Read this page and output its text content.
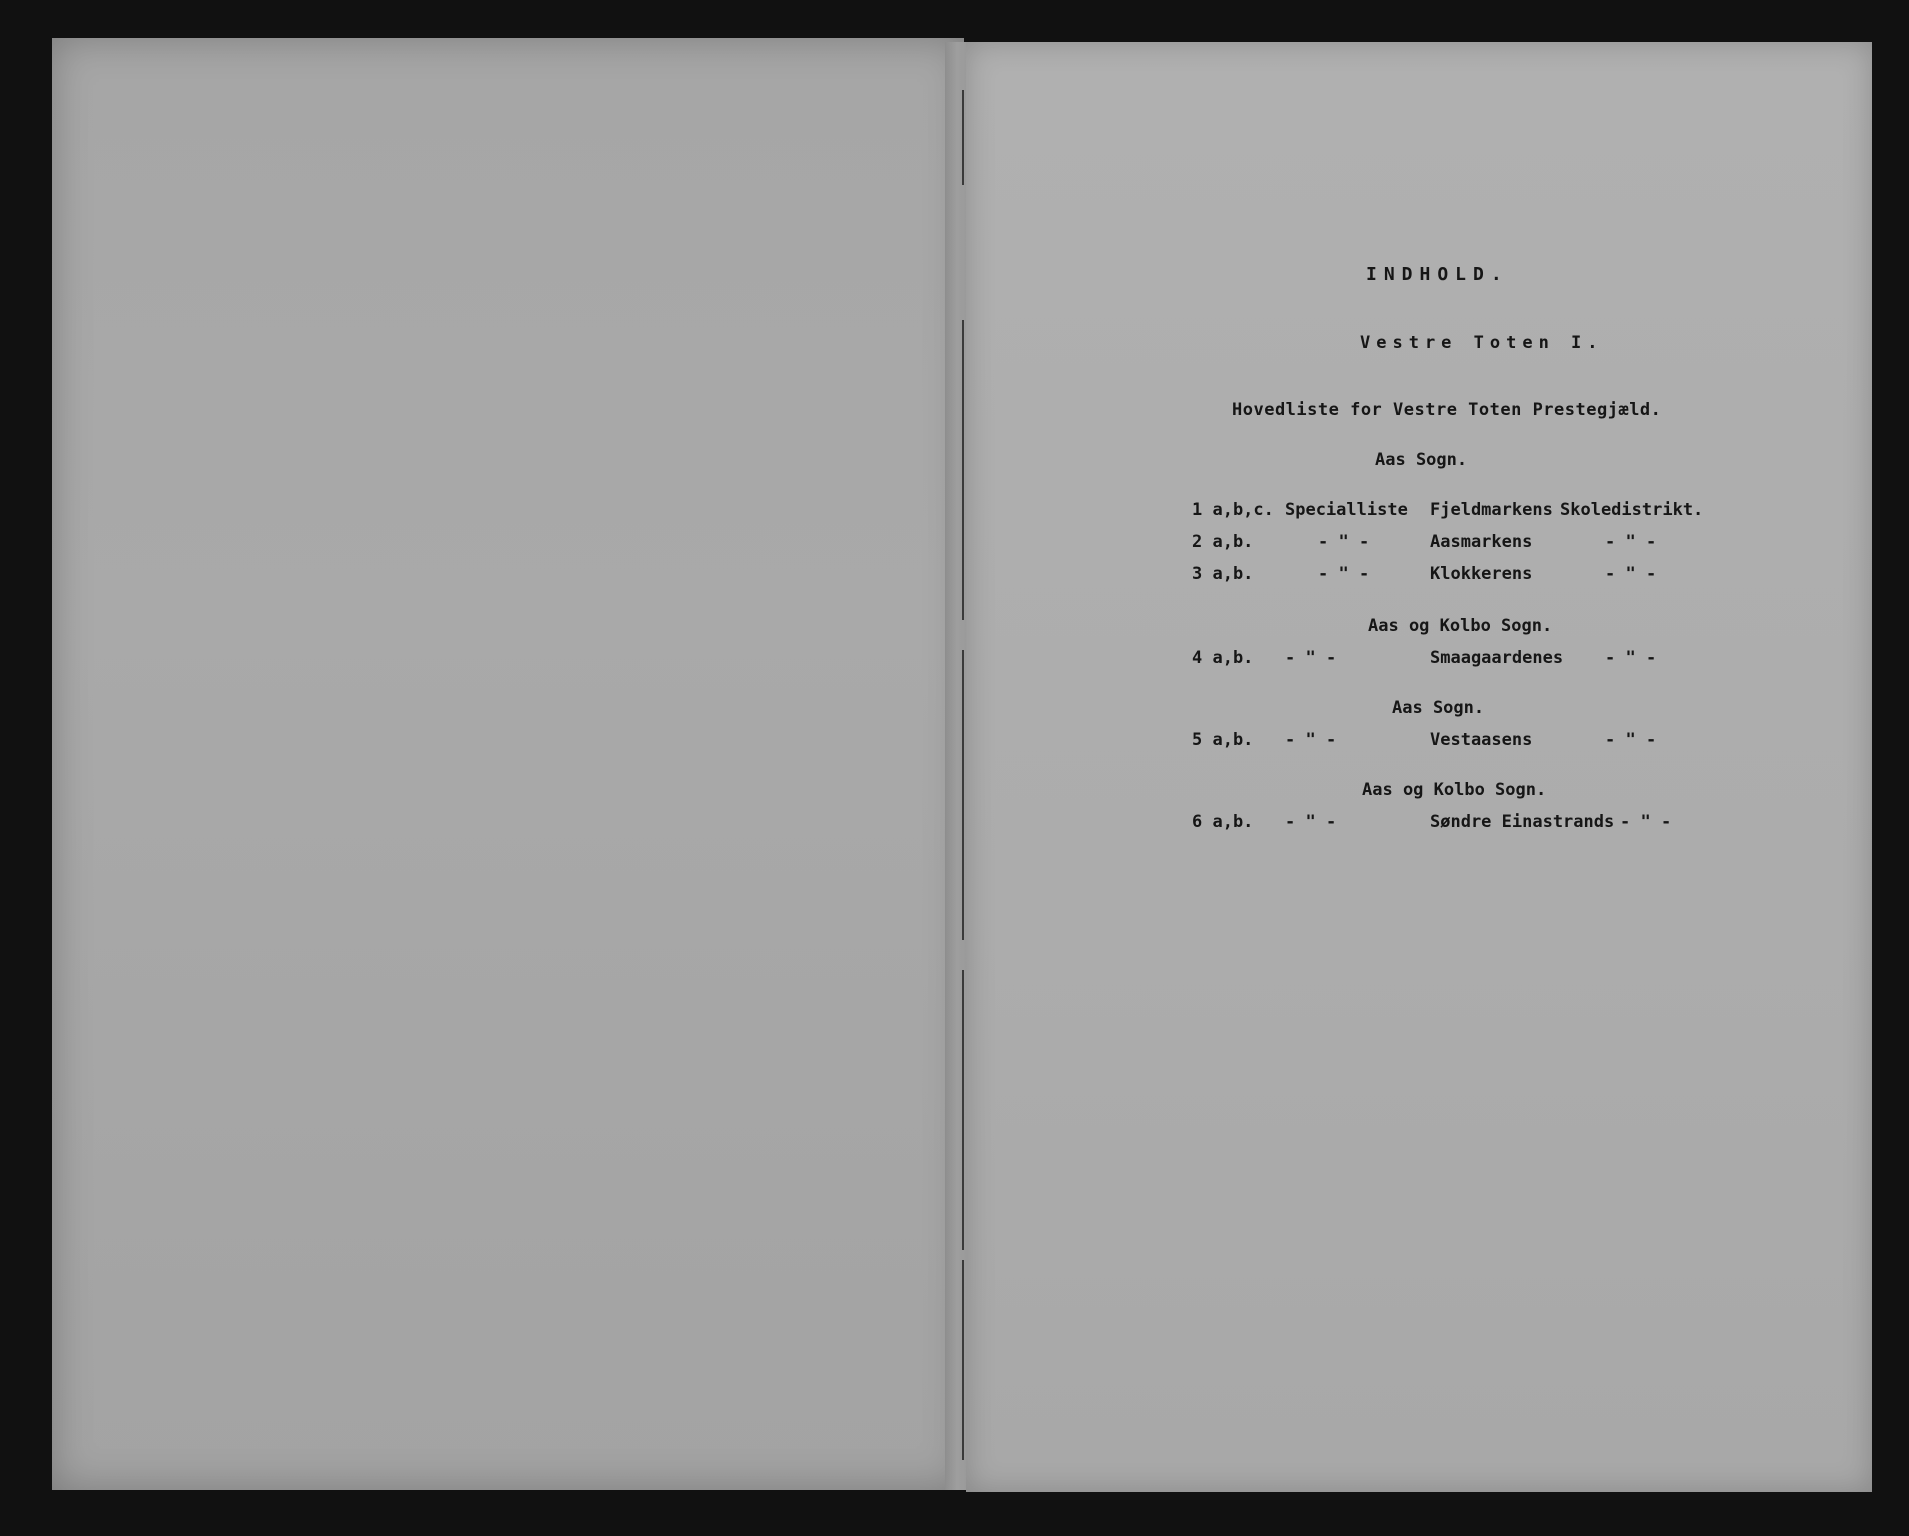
INDHOLD.
Vestre Toten I.
Hovedliste for Vestre Toten Prestegjæld.
Aas Sogn.
1 a,b,c. Specialliste Fjeldmarkens Skoledistrikt.
2 a,b.	- " -	Aasmarkens	- " -
3 a,b.	- " -	Klokkerens	- " -
Aas og Kolbo Sogn.
4 a,b. - " -	Smaagaardenes - " -
Aas Sogn.
5 a,b. - " -	Vestaasens	- " -
Aas og Kolbo Sogn.
6 a,b. - " -	Søndre Einastrands - " -
